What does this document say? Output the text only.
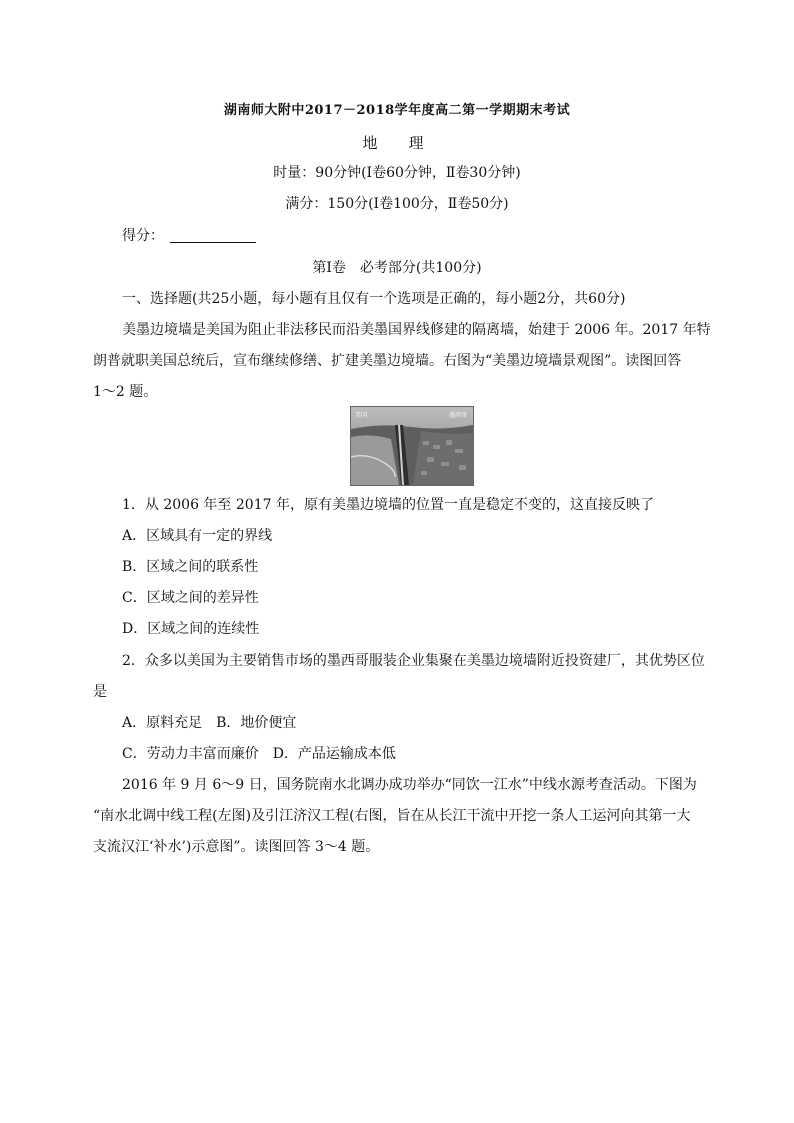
湖南师大附中2017－2018学年度高二第一学期期末考试
地　理
时量：90分钟(Ⅰ卷60分钟，Ⅱ卷30分钟)
满分：150分(Ⅰ卷100分，Ⅱ卷50分)
得分：
第Ⅰ卷　必考部分(共100分)
一、选择题(共25小题，每小题有且仅有一个选项是正确的，每小题2分，共60分)
美墨边境墙是美国为阻止非法移民而沿美墨国界线修建的隔离墙，始建于 2006 年。2017 年特
朗普就职美国总统后，宣布继续修缮、扩建美墨边境墙。右图为“美墨边境墙景观图”。读图回答
1～2 题。
美国	墨西哥
1．从 2006 年至 2017 年，原有美墨边境墙的位置一直是稳定不变的，这直接反映了
A．区域具有一定的界线
B．区域之间的联系性
C．区域之间的差异性
D．区域之间的连续性
2．众多以美国为主要销售市场的墨西哥服装企业集聚在美墨边境墙附近投资建厂，其优势区位
是
A．原料充足　B．地价便宜
C．劳动力丰富而廉价　D．产品运输成本低
2016 年 9 月 6～9 日，国务院南水北调办成功举办“同饮一江水”中线水源考查活动。下图为
“南水北调中线工程(左图)及引江济汉工程(右图，旨在从长江干流中开挖一条人工运河向其第一大
支流汉江‘补水’)示意图”。读图回答 3～4 题。
